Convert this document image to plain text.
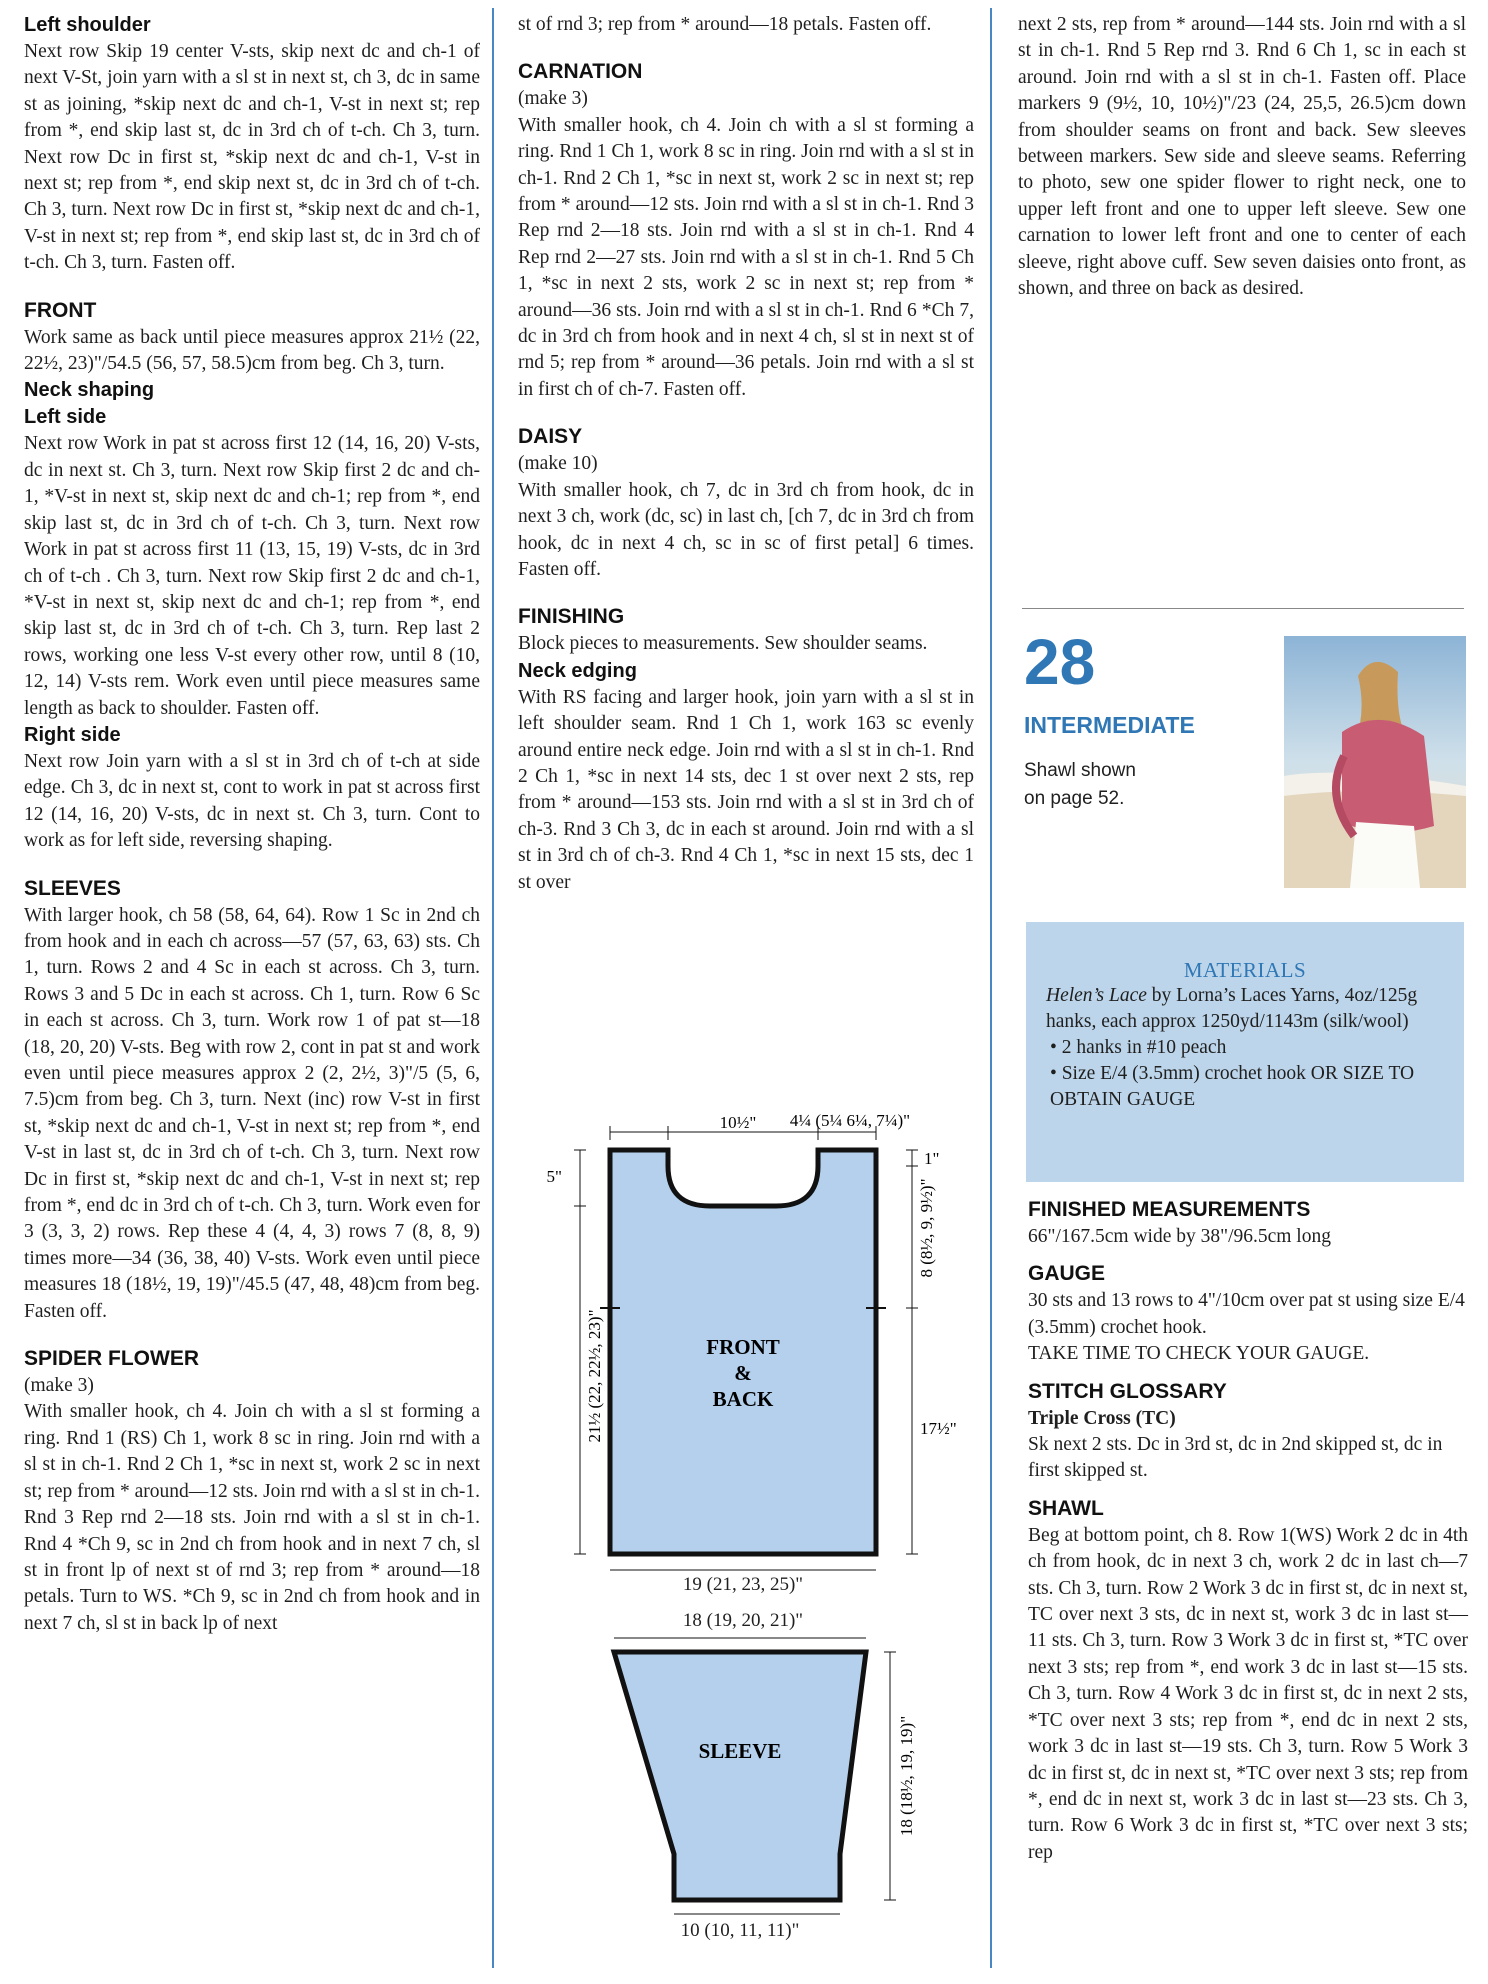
Left shoulder

Next row Skip 19 center V-sts, skip next dc and ch-1 of next V-St, join yarn with a sl st in next st, ch 3, dc in same st as joining, *skip next dc and ch-1, V-st in next st; rep from *, end skip last st, dc in 3rd ch of t-ch. Ch 3, turn. Next row Dc in first st, *skip next dc and ch-1, V-st in next st; rep from *, end skip next st, dc in 3rd ch of t-ch. Ch 3, turn. Next row Dc in first st, *skip next dc and ch-1, V-st in next st; rep from *, end skip last st, dc in 3rd ch of t-ch. Ch 3, turn. Fasten off.

FRONT

Work same as back until piece measures approx 21½ (22, 22½, 23)"/54.5 (56, 57, 58.5)cm from beg. Ch 3, turn.

Neck shaping
Left side

Next row Work in pat st across first 12 (14, 16, 20) V-sts, dc in next st. Ch 3, turn. Next row Skip first 2 dc and ch-1, *V-st in next st, skip next dc and ch-1; rep from *, end skip last st, dc in 3rd ch of t-ch. Ch 3, turn. Next row Work in pat st across first 11 (13, 15, 19) V-sts, dc in 3rd ch of t-ch . Ch 3, turn. Next row Skip first 2 dc and ch-1, *V-st in next st, skip next dc and ch-1; rep from *, end skip last st, dc in 3rd ch of t-ch. Ch 3, turn. Rep last 2 rows, working one less V-st every other row, until 8 (10, 12, 14) V-sts rem. Work even until piece measures same length as back to shoulder. Fasten off.

Right side

Next row Join yarn with a sl st in 3rd ch of t-ch at side edge. Ch 3, dc in next st, cont to work in pat st across first 12 (14, 16, 20) V-sts, dc in next st. Ch 3, turn. Cont to work as for left side, reversing shaping.

SLEEVES

With larger hook, ch 58 (58, 64, 64). Row 1 Sc in 2nd ch from hook and in each ch across—57 (57, 63, 63) sts. Ch 1, turn. Rows 2 and 4 Sc in each st across. Ch 3, turn. Rows 3 and 5 Dc in each st across. Ch 1, turn. Row 6 Sc in each st across. Ch 3, turn. Work row 1 of pat st—18 (18, 20, 20) V-sts. Beg with row 2, cont in pat st and work even until piece measures approx 2 (2, 2½, 3)"/5 (5, 6, 7.5)cm from beg. Ch 3, turn. Next (inc) row V-st in first st, *skip next dc and ch-1, V-st in next st; rep from *, end V-st in last st, dc in 3rd ch of t-ch. Ch 3, turn. Next row Dc in first st, *skip next dc and ch-1, V-st in next st; rep from *, end dc in 3rd ch of t-ch. Ch 3, turn. Work even for 3 (3, 3, 2) rows. Rep these 4 (4, 4, 3) rows 7 (8, 8, 9) times more—34 (36, 38, 40) V-sts. Work even until piece measures 18 (18½, 19, 19)"/45.5 (47, 48, 48)cm from beg. Fasten off.

SPIDER FLOWER
(make 3)

With smaller hook, ch 4. Join ch with a sl st forming a ring. Rnd 1 (RS) Ch 1, work 8 sc in ring. Join rnd with a sl st in ch-1. Rnd 2 Ch 1, *sc in next st, work 2 sc in next st; rep from * around—12 sts. Join rnd with a sl st in ch-1. Rnd 3 Rep rnd 2—18 sts. Join rnd with a sl st in ch-1. Rnd 4 *Ch 9, sc in 2nd ch from hook and in next 7 ch, sl st in front lp of next st of rnd 3; rep from * around—18 petals. Turn to WS. *Ch 9, sc in 2nd ch from hook and in next 7 ch, sl st in back lp of next

st of rnd 3; rep from * around—18 petals. Fasten off.

CARNATION
(make 3)

With smaller hook, ch 4. Join ch with a sl st forming a ring. Rnd 1 Ch 1, work 8 sc in ring. Join rnd with a sl st in ch-1. Rnd 2 Ch 1, *sc in next st, work 2 sc in next st; rep from * around—12 sts. Join rnd with a sl st in ch-1. Rnd 3 Rep rnd 2—18 sts. Join rnd with a sl st in ch-1. Rnd 4 Rep rnd 2—27 sts. Join rnd with a sl st in ch-1. Rnd 5 Ch 1, *sc in next 2 sts, work 2 sc in next st; rep from * around—36 sts. Join rnd with a sl st in ch-1. Rnd 6 *Ch 7, dc in 3rd ch from hook and in next 4 ch, sl st in next st of rnd 5; rep from * around—36 petals. Join rnd with a sl st in first ch of ch-7. Fasten off.

DAISY
(make 10)

With smaller hook, ch 7, dc in 3rd ch from hook, dc in next 3 ch, work (dc, sc) in last ch, [ch 7, dc in 3rd ch from hook, dc in next 4 ch, sc in sc of first petal] 6 times. Fasten off.

FINISHING

Block pieces to measurements. Sew shoulder seams.

Neck edging

With RS facing and larger hook, join yarn with a sl st in left shoulder seam. Rnd 1 Ch 1, work 163 sc evenly around entire neck edge. Join rnd with a sl st in ch-1. Rnd 2 Ch 1, *sc in next 14 sts, dec 1 st over next 2 sts, rep from * around—153 sts. Join rnd with a sl st in 3rd ch of ch-3. Rnd 3 Ch 3, dc in each st around. Join rnd with a sl st in 3rd ch of ch-3. Rnd 4 Ch 1, *sc in next 15 sts, dec 1 st over

10½" 4¼ (5¼ 6¼, 7¼)"
5"
21½ (22, 22½, 23)"
1"
8 (8½, 9, 9½)"
17½"
FRONT
&
BACK
19 (21, 23, 25)"
18 (19, 20, 21)"
18 (18½, 19, 19)"
SLEEVE
10 (10, 11, 11)"

next 2 sts, rep from * around—144 sts. Join rnd with a sl st in ch-1. Rnd 5 Rep rnd 3. Rnd 6 Ch 1, sc in each st around. Join rnd with a sl st in ch-1. Fasten off. Place markers 9 (9½, 10, 10½)"/23 (24, 25,5, 26.5)cm down from shoulder seams on front and back. Sew sleeves between markers. Sew side and sleeve seams. Referring to photo, sew one spider flower to right neck, one to upper left front and one to upper left sleeve. Sew one carnation to lower left front and one to center of each sleeve, right above cuff. Sew seven daisies onto front, as shown, and three on back as desired.

28
INTERMEDIATE
Shawl shown
on page 52.
MATERIALS

Helen’s Lace by Lorna’s Laces Yarns, 4oz/125g hanks, each approx 1250yd/1143m (silk/wool)

• 2 hanks in #10 peach
• Size E/4 (3.5mm) crochet hook OR SIZE TO OBTAIN GAUGE
FINISHED MEASUREMENTS

66"/167.5cm wide by 38"/96.5cm long

GAUGE

30 sts and 13 rows to 4"/10cm over pat st using size E/4 (3.5mm) crochet hook.

TAKE TIME TO CHECK YOUR GAUGE.

STITCH GLOSSARY
Triple Cross (TC)

Sk next 2 sts. Dc in 3rd st, dc in 2nd skipped st, dc in first skipped st.

SHAWL

Beg at bottom point, ch 8. Row 1(WS) Work 2 dc in 4th ch from hook, dc in next 3 ch, work 2 dc in last ch—7 sts. Ch 3, turn. Row 2 Work 3 dc in first st, dc in next st, TC over next 3 sts, dc in next st, work 3 dc in last st—11 sts. Ch 3, turn. Row 3 Work 3 dc in first st, *TC over next 3 sts; rep from *, end work 3 dc in last st—15 sts. Ch 3, turn. Row 4 Work 3 dc in first st, dc in next 2 sts, *TC over next 3 sts; rep from *, end dc in next 2 sts, work 3 dc in last st—19 sts. Ch 3, turn. Row 5 Work 3 dc in first st, dc in next st, *TC over next 3 sts; rep from *, end dc in next st, work 3 dc in last st—23 sts. Ch 3, turn. Row 6 Work 3 dc in first st, *TC over next 3 sts; rep
